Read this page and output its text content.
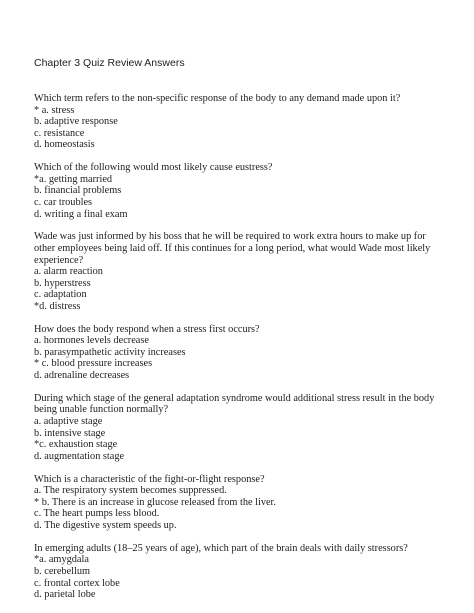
Chapter 3 Quiz Review Answers

Which term refers to the non-specific response of the body to any demand made upon it?

* a. stress
b. adaptive response
c. resistance
d. homeostasis

Which of the following would most likely cause eustress?

*a. getting married
b. financial problems
c. car troubles
d. writing a final exam

Wade was just informed by his boss that he will be required to work extra hours to make up for other employees being laid off. If this continues for a long period, what would Wade most likely experience?

a. alarm reaction
b. hyperstress
c. adaptation
*d. distress

How does the body respond when a stress first occurs?

a. hormones levels decrease
b. parasympathetic activity increases
* c. blood pressure increases
d. adrenaline decreases

During which stage of the general adaptation syndrome would additional stress result in the body being unable function normally?

a. adaptive stage
b. intensive stage
*c. exhaustion stage
d. augmentation stage

Which is a characteristic of the fight-or-flight response?

a. The respiratory system becomes suppressed.
* b. There is an increase in glucose released from the liver.
c. The heart pumps less blood.
d. The digestive system speeds up.

In emerging adults (18–25 years of age), which part of the brain deals with daily stressors?

*a. amygdala
b. cerebellum
c. frontal cortex lobe
d. parietal lobe
